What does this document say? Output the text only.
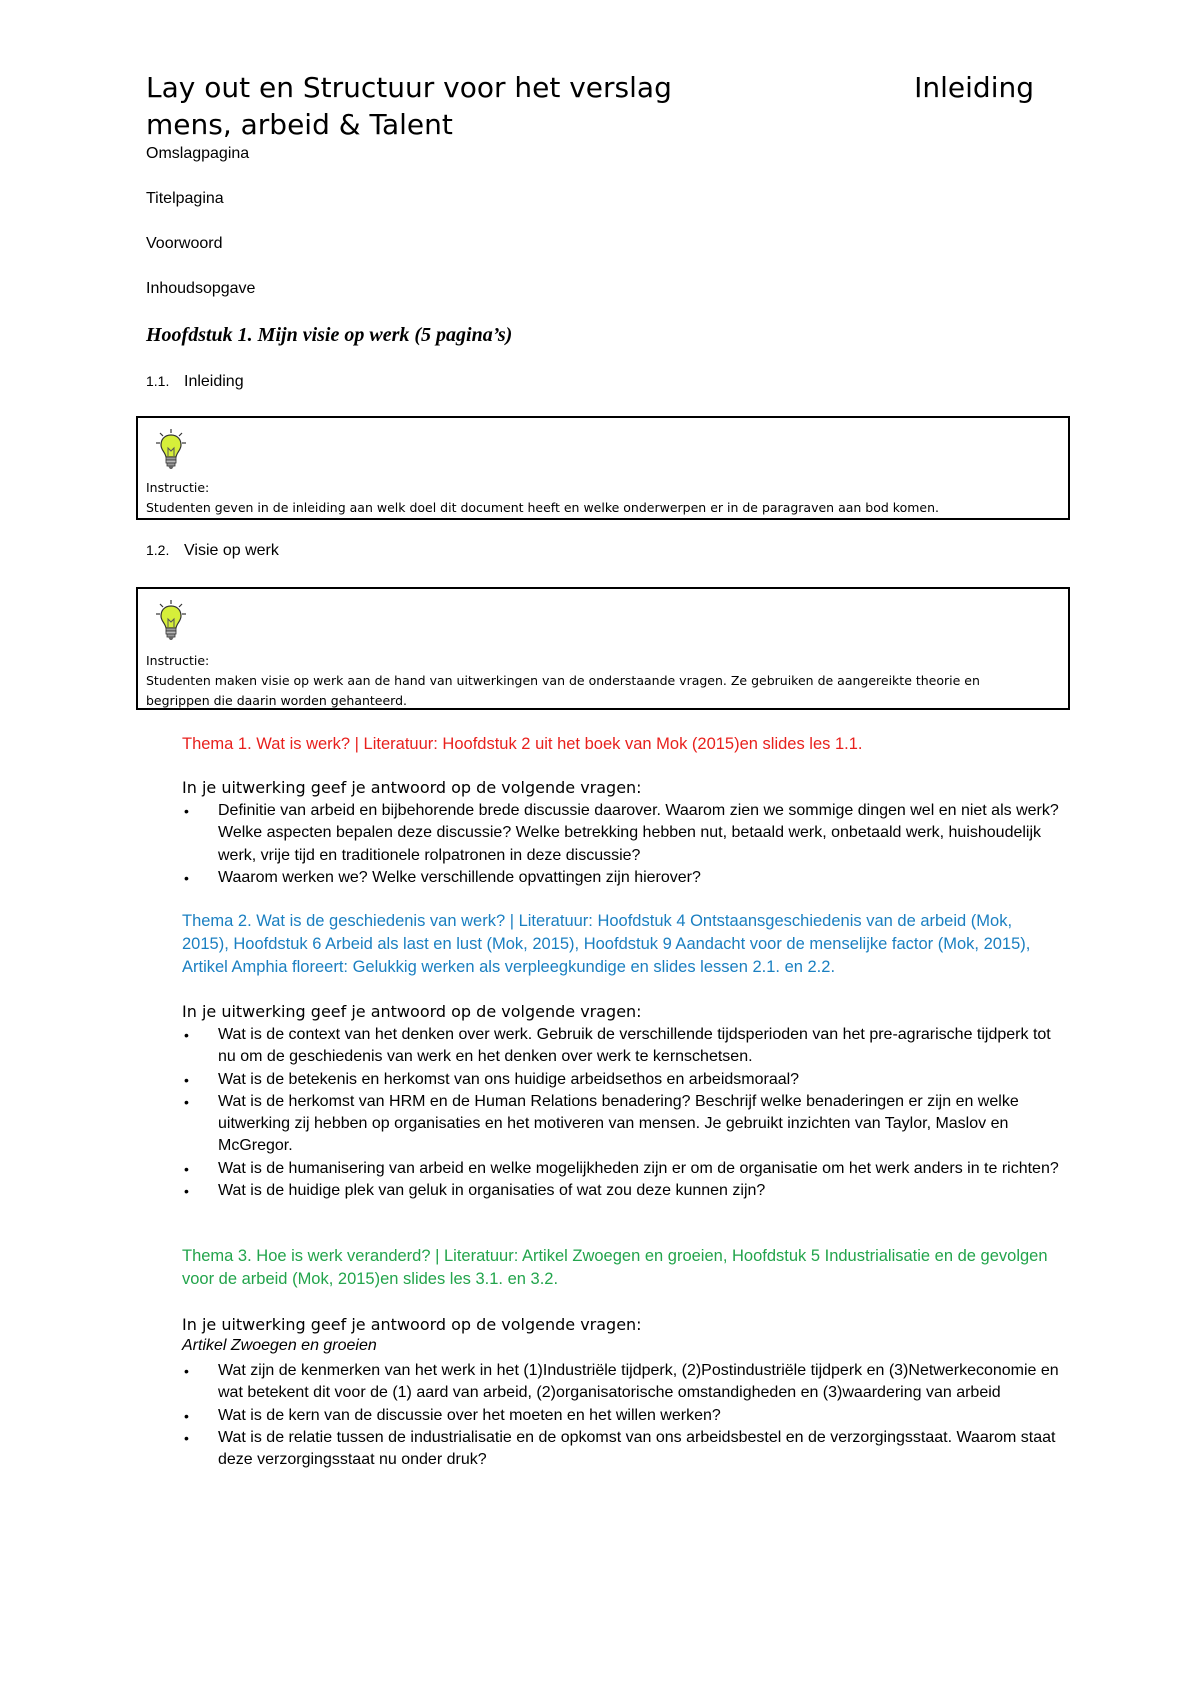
Lay out en Structuur voor het verslag	Inleiding
mens, arbeid & Talent
Omslagpagina
Titelpagina
Voorwoord
Inhoudsopgave
Hoofdstuk 1. Mijn visie op werk (5 pagina’s)
1.1. Inleiding
Instructie:
Studenten geven in de inleiding aan welk doel dit document heeft en welke onderwerpen er in de paragraven aan bod komen.
1.2. Visie op werk
Instructie:
Studenten maken visie op werk aan de hand van uitwerkingen van de onderstaande vragen. Ze gebruiken de aangereikte theorie en
begrippen die daarin worden gehanteerd.
Thema 1. Wat is werk? | Literatuur: Hoofdstuk 2 uit het boek van Mok (2015)en slides les 1.1.
In je uitwerking geef je antwoord op de volgende vragen:
• Definitie van arbeid en bijbehorende brede discussie daarover. Waarom zien we sommige dingen wel en niet als werk? Welke aspecten bepalen deze discussie? Welke betrekking hebben nut, betaald werk, onbetaald werk, huishoudelijk werk, vrije tijd en traditionele rolpatronen in deze discussie?
• Waarom werken we? Welke verschillende opvattingen zijn hierover?
Thema 2. Wat is de geschiedenis van werk? | Literatuur: Hoofdstuk 4 Ontstaansgeschiedenis van de arbeid (Mok, 2015), Hoofdstuk 6 Arbeid als last en lust (Mok, 2015), Hoofdstuk 9 Aandacht voor de menselijke factor (Mok, 2015), Artikel Amphia floreert: Gelukkig werken als verpleegkundige en slides lessen 2.1. en 2.2.
In je uitwerking geef je antwoord op de volgende vragen:
• Wat is de context van het denken over werk. Gebruik de verschillende tijdsperioden van het pre-agrarische tijdperk tot nu om de geschiedenis van werk en het denken over werk te kernschetsen.
• Wat is de betekenis en herkomst van ons huidige arbeidsethos en arbeidsmoraal?
• Wat is de herkomst van HRM en de Human Relations benadering? Beschrijf welke benaderingen er zijn en welke uitwerking zij hebben op organisaties en het motiveren van mensen. Je gebruikt inzichten van Taylor, Maslov en McGregor.
• Wat is de humanisering van arbeid en welke mogelijkheden zijn er om de organisatie om het werk anders in te richten?
• Wat is de huidige plek van geluk in organisaties of wat zou deze kunnen zijn?
Thema 3. Hoe is werk veranderd? | Literatuur: Artikel Zwoegen en groeien, Hoofdstuk 5 Industrialisatie en de gevolgen voor de arbeid (Mok, 2015)en slides les 3.1. en 3.2.
In je uitwerking geef je antwoord op de volgende vragen:
Artikel Zwoegen en groeien
• Wat zijn de kenmerken van het werk in het (1)Industriële tijdperk, (2)Postindustriële tijdperk en (3)Netwerkeconomie en wat betekent dit voor de (1) aard van arbeid, (2)organisatorische omstandigheden en (3)waardering van arbeid
• Wat is de kern van de discussie over het moeten en het willen werken?
• Wat is de relatie tussen de industrialisatie en de opkomst van ons arbeidsbestel en de verzorgingsstaat. Waarom staat deze verzorgingsstaat nu onder druk?
